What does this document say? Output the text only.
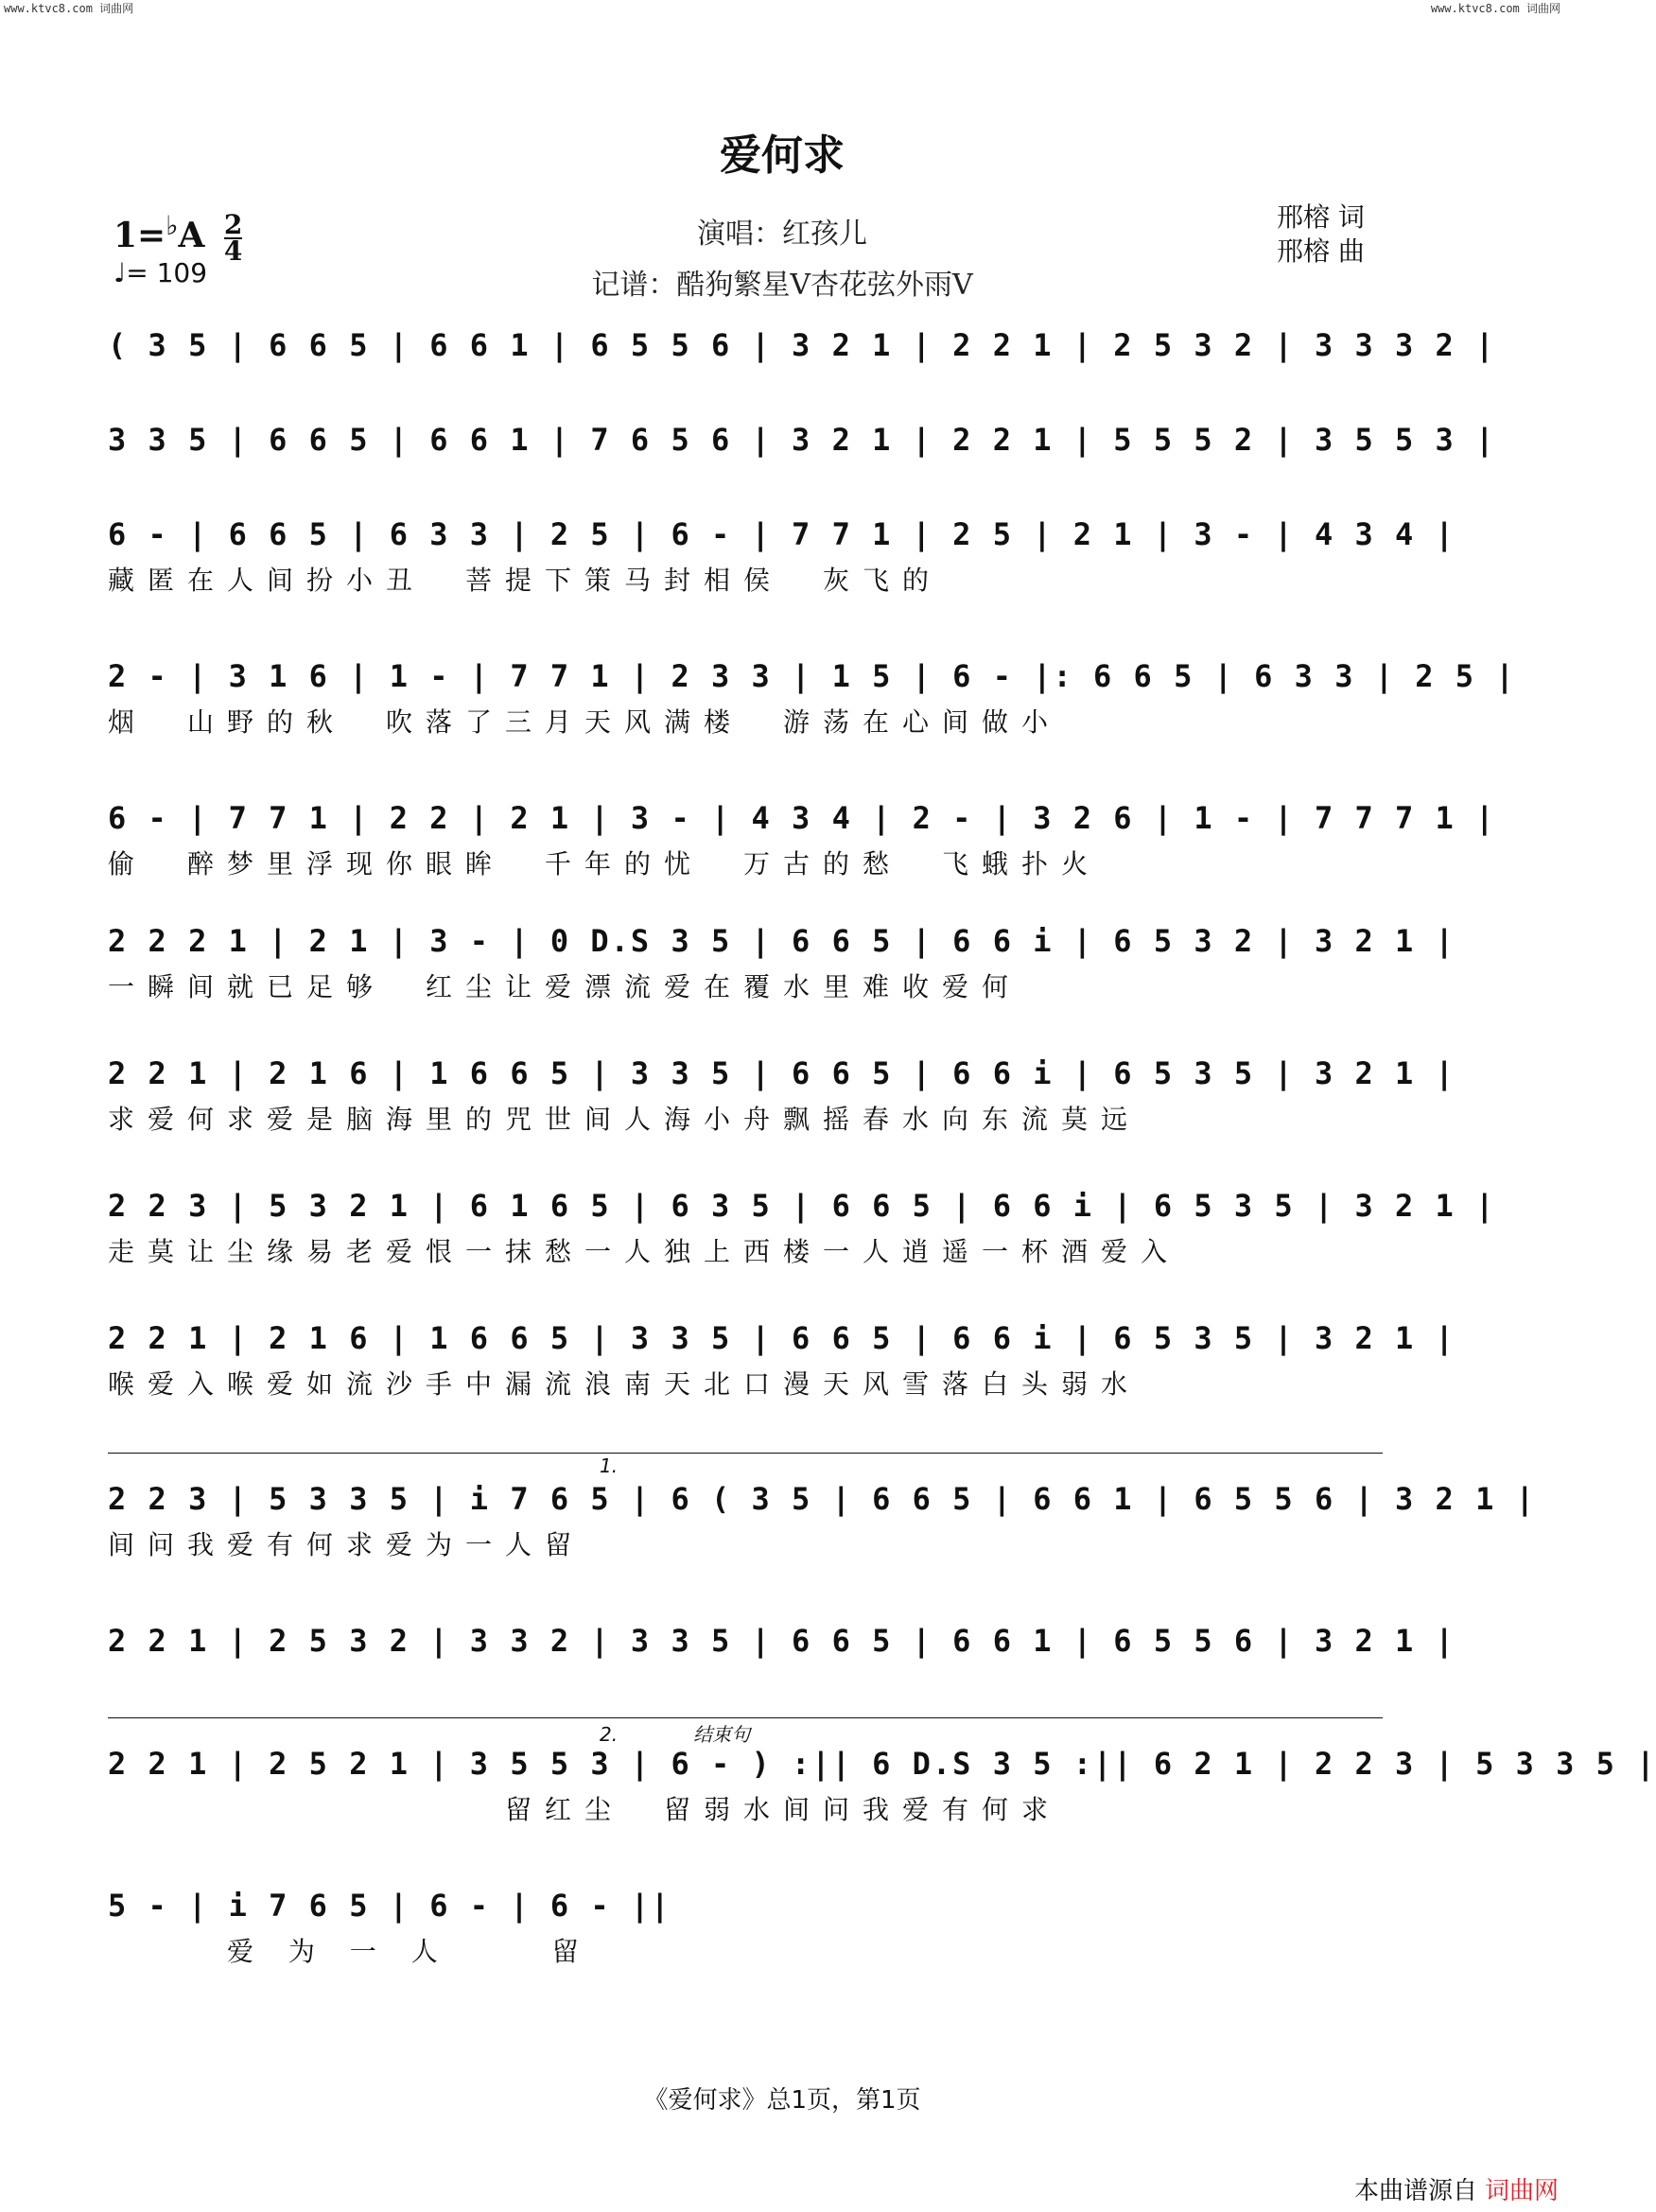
www.ktvc8.com 词曲网	www.ktvc8.com 词曲网
爱何求
$1=^♭A \frac{2}{4}$
♩= 109
演唱：红孩儿
记谱：酷狗繁星V杏花弦外雨V
邢榕 词
邢榕 曲
( 3 5 | 6 6 5 | 6 6 1 | 6 5 5 6 | 3 2 1 | 2 2 1 | 2 5 3 2 | 3 3 3 2 |
3 3 5 | 6 6 5 | 6 6 1 | 7 6 5 6 | 3 2 1 | 2 2 1 | 5 5 5 2 | 3 5 5 3 |
6 - | 6 6 5 | 6 3 3 | 2 5 | 6 - | 7 7 1 | 2 5 | 2 1 | 3 - | 4 3 4 |
藏匿在人间扮小丑　菩提下策马封相侯　灰飞的
2 - | 3 1 6 | 1 - | 7 7 1 | 2 3 3 | 1 5 | 6 - |: 6 6 5 | 6 3 3 | 2 5 |
烟　山野的秋　吹落了三月天风满楼　游荡在心间做小
6 - | 7 7 1 | 2 2 | 2 1 | 3 - | 4 3 4 | 2 - | 3 2 6 | 1 - | 7 7 7 1 |
偷　醉梦里浮现你眼眸　千年的忧　万古的愁　飞蛾扑火
2 2 2 1 | 2 1 | 3 - | 0 D.S 3 5 | 6 6 5 | 6 6 i | 6 5 3 2 | 3 2 1 |
一瞬间就已足够　红尘让爱漂流爱在覆水里难收爱何
2 2 1 | 2 1 6 | 1 6 6 5 | 3 3 5 | 6 6 5 | 6 6 i | 6 5 3 5 | 3 2 1 |
求爱何求爱是脑海里的咒世间人海小舟飘摇春水向东流莫远
2 2 3 | 5 3 2 1 | 6 1 6 5 | 6 3 5 | 6 6 5 | 6 6 i | 6 5 3 5 | 3 2 1 |
走莫让尘缘易老爱恨一抹愁一人独上西楼一人逍遥一杯酒爱入
2 2 1 | 2 1 6 | 1 6 6 5 | 3 3 5 | 6 6 5 | 6 6 i | 6 5 3 5 | 3 2 1 |
喉爱入喉爱如流沙手中漏流浪南天北口漫天风雪落白头弱水
1.
2 2 3 | 5 3 3 5 | i 7 6 5 | 6 ( 3 5 | 6 6 5 | 6 6 1 | 6 5 5 6 | 3 2 1 |
间问我爱有何求爱为一人留
2 2 1 | 2 5 3 2 | 3 3 2 | 3 3 5 | 6 6 5 | 6 6 1 | 6 5 5 6 | 3 2 1 |
2.　　　　结束句
2 2 1 | 2 5 2 1 | 3 5 5 3 | 6 - ) :|| 6 D.S 3 5 :|| 6 2 1 | 2 2 3 | 5 3 3 5 |
　　　　　　　　　　留红尘　留弱水间问我爱有何求
5 - | i 7 6 5 | 6 - | 6 - ||
　　　爱 为 一 人 　　留
《爱何求》总1页，第1页
本曲谱源自 词曲网
